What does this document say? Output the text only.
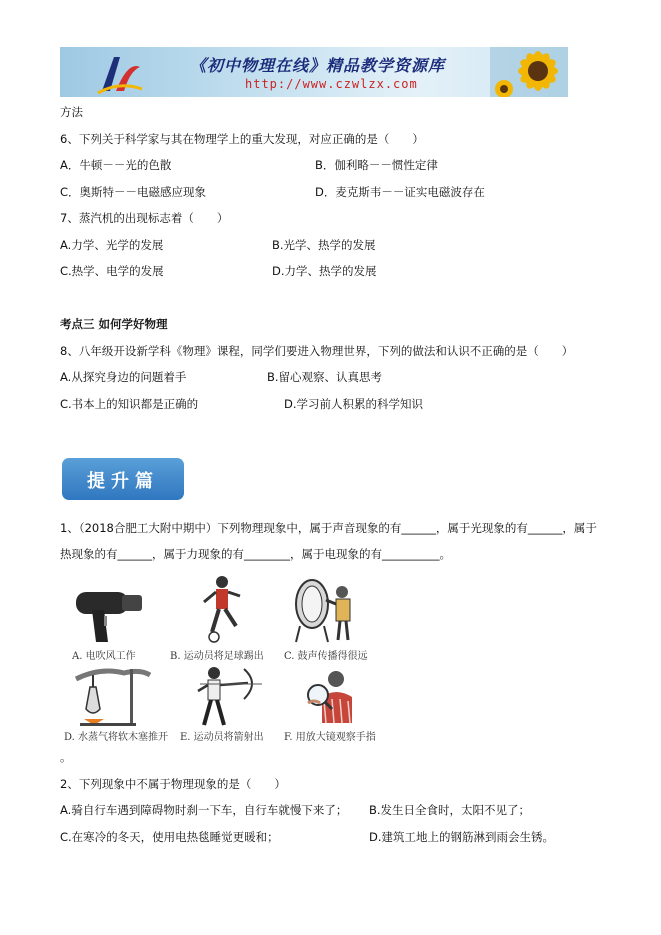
《初中物理在线》精品教学资源库
http://www.czwlzx.com
方法
6、下列关于科学家与其在物理学上的重大发现，对应正确的是（　　）
A．牛顿－－光的色散	B．伽利略－－惯性定律
C．奥斯特－－电磁感应现象	D．麦克斯韦－－证实电磁波存在
7、蒸汽机的出现标志着（　　）
A.力学、光学的发展	B.光学、热学的发展
C.热学、电学的发展	D.力学、热学的发展
考点三 如何学好物理
8、八年级开设新学科《物理》课程，同学们要进入物理世界，下列的做法和认识不正确的是（　　）
A.从探究身边的问题着手	B.留心观察、认真思考
C.书本上的知识都是正确的	D.学习前人积累的科学知识
提升篇
1、（2018合肥工大附中期中）下列物理现象中，属于声音现象的有______，属于光现象的有______，属于
热现象的有______，属于力现象的有________，属于电现象的有__________。
A. 电吹风工作	B. 运动员将足球踢出 C. 鼓声传播得很远
D. 水蒸气将软木塞推开 E. 运动员将箭射出 F. 用放大镜观察手指
。
2、下列现象中不属于物理现象的是（　　）
A.骑自行车遇到障碍物时刹一下车，自行车就慢下来了； B.发生日全食时，太阳不见了；
C.在寒冷的冬天，使用电热毯睡觉更暖和；	D.建筑工地上的钢筋淋到雨会生锈。
